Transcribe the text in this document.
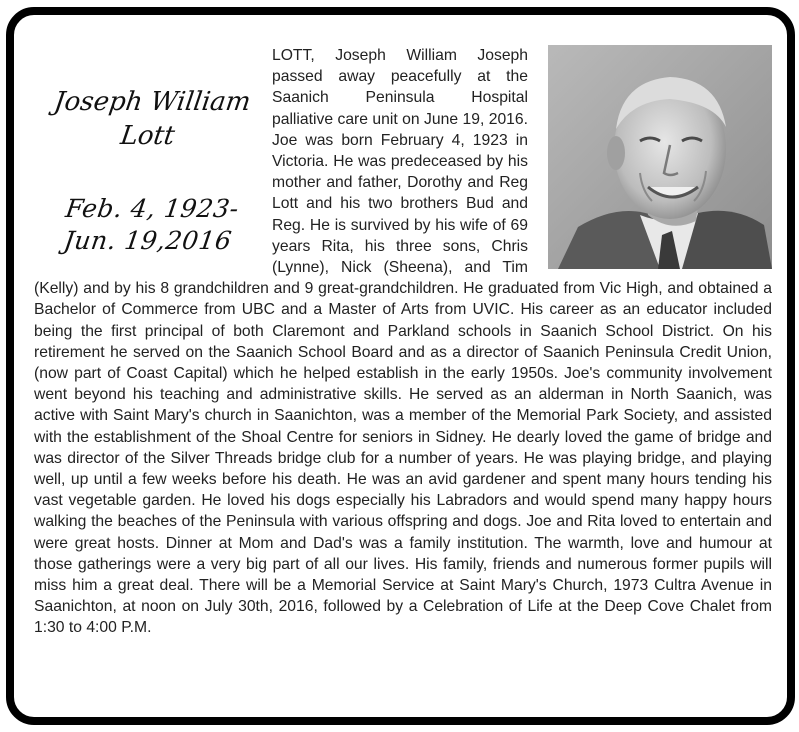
Joseph William
Lott
Feb. 4, 1923-
Jun. 19,2016

LOTT, Joseph William Joseph passed away peacefully at the Saanich Peninsula Hospital palliative care unit on June 19, 2016. Joe was born February 4, 1923 in Victoria. He was predeceased by his mother and father, Dorothy and Reg Lott and his two brothers Bud and Reg. He is survived by his wife of 69 years Rita, his three sons, Chris (Lynne), Nick (Sheena), and Tim (Kelly) and by his 8 grandchildren and 9 great-grandchildren. He graduated from Vic High, and obtained a Bachelor of Commerce from UBC and a Master of Arts from UVIC. His career as an educator included being the first principal of both Claremont and Parkland schools in Saanich School District. On his retirement he served on the Saanich School Board and as a director of Saanich Peninsula Credit Union, (now part of Coast Capital) which he helped establish in the early 1950s. Joe's community involvement went beyond his teaching and administrative skills. He served as an alderman in North Saanich, was active with Saint Mary's church in Saanichton, was a member of the Memorial Park Society, and assisted with the establishment of the Shoal Centre for seniors in Sidney. He dearly loved the game of bridge and was director of the Silver Threads bridge club for a number of years. He was playing bridge, and playing well, up until a few weeks before his death. He was an avid gardener and spent many hours tending his vast vegetable garden. He loved his dogs especially his Labradors and would spend many happy hours walking the beaches of the Peninsula with various offspring and dogs. Joe and Rita loved to entertain and were great hosts. Dinner at Mom and Dad's was a family institution. The warmth, love and humour at those gatherings were a very big part of all our lives. His family, friends and numerous former pupils will miss him a great deal. There will be a Memorial Service at Saint Mary's Church, 1973 Cultra Avenue in Saanichton, at noon on July 30th, 2016, followed by a Celebration of Life at the Deep Cove Chalet from 1:30 to 4:00 P.M.
